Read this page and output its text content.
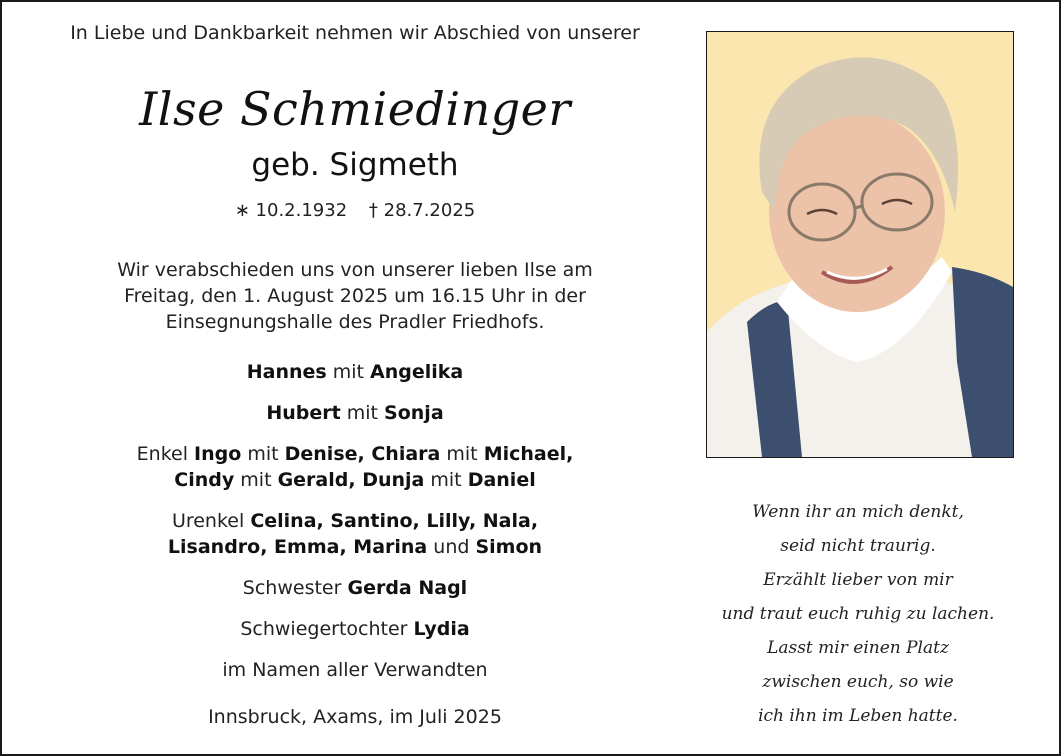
In Liebe und Dankbarkeit nehmen wir Abschied von unserer
Ilse Schmiedinger
geb. Sigmeth
∗ 10.2.1932 † 28.7.2025
Wir verabschieden uns von unserer lieben Ilse am
Freitag, den 1. August 2025 um 16.15 Uhr in der
Einsegnungshalle des Pradler Friedhofs.
Hannes mit Angelika
Hubert mit Sonja
Enkel Ingo mit Denise, Chiara mit Michael,
Cindy mit Gerald, Dunja mit Daniel
Urenkel Celina, Santino, Lilly, Nala,
Lisandro, Emma, Marina und Simon
Schwester Gerda Nagl
Schwiegertochter Lydia
im Namen aller Verwandten
Innsbruck, Axams, im Juli 2025
Wenn ihr an mich denkt,
seid nicht traurig.
Erzählt lieber von mir
und traut euch ruhig zu lachen.
Lasst mir einen Platz
zwischen euch, so wie
ich ihn im Leben hatte.
